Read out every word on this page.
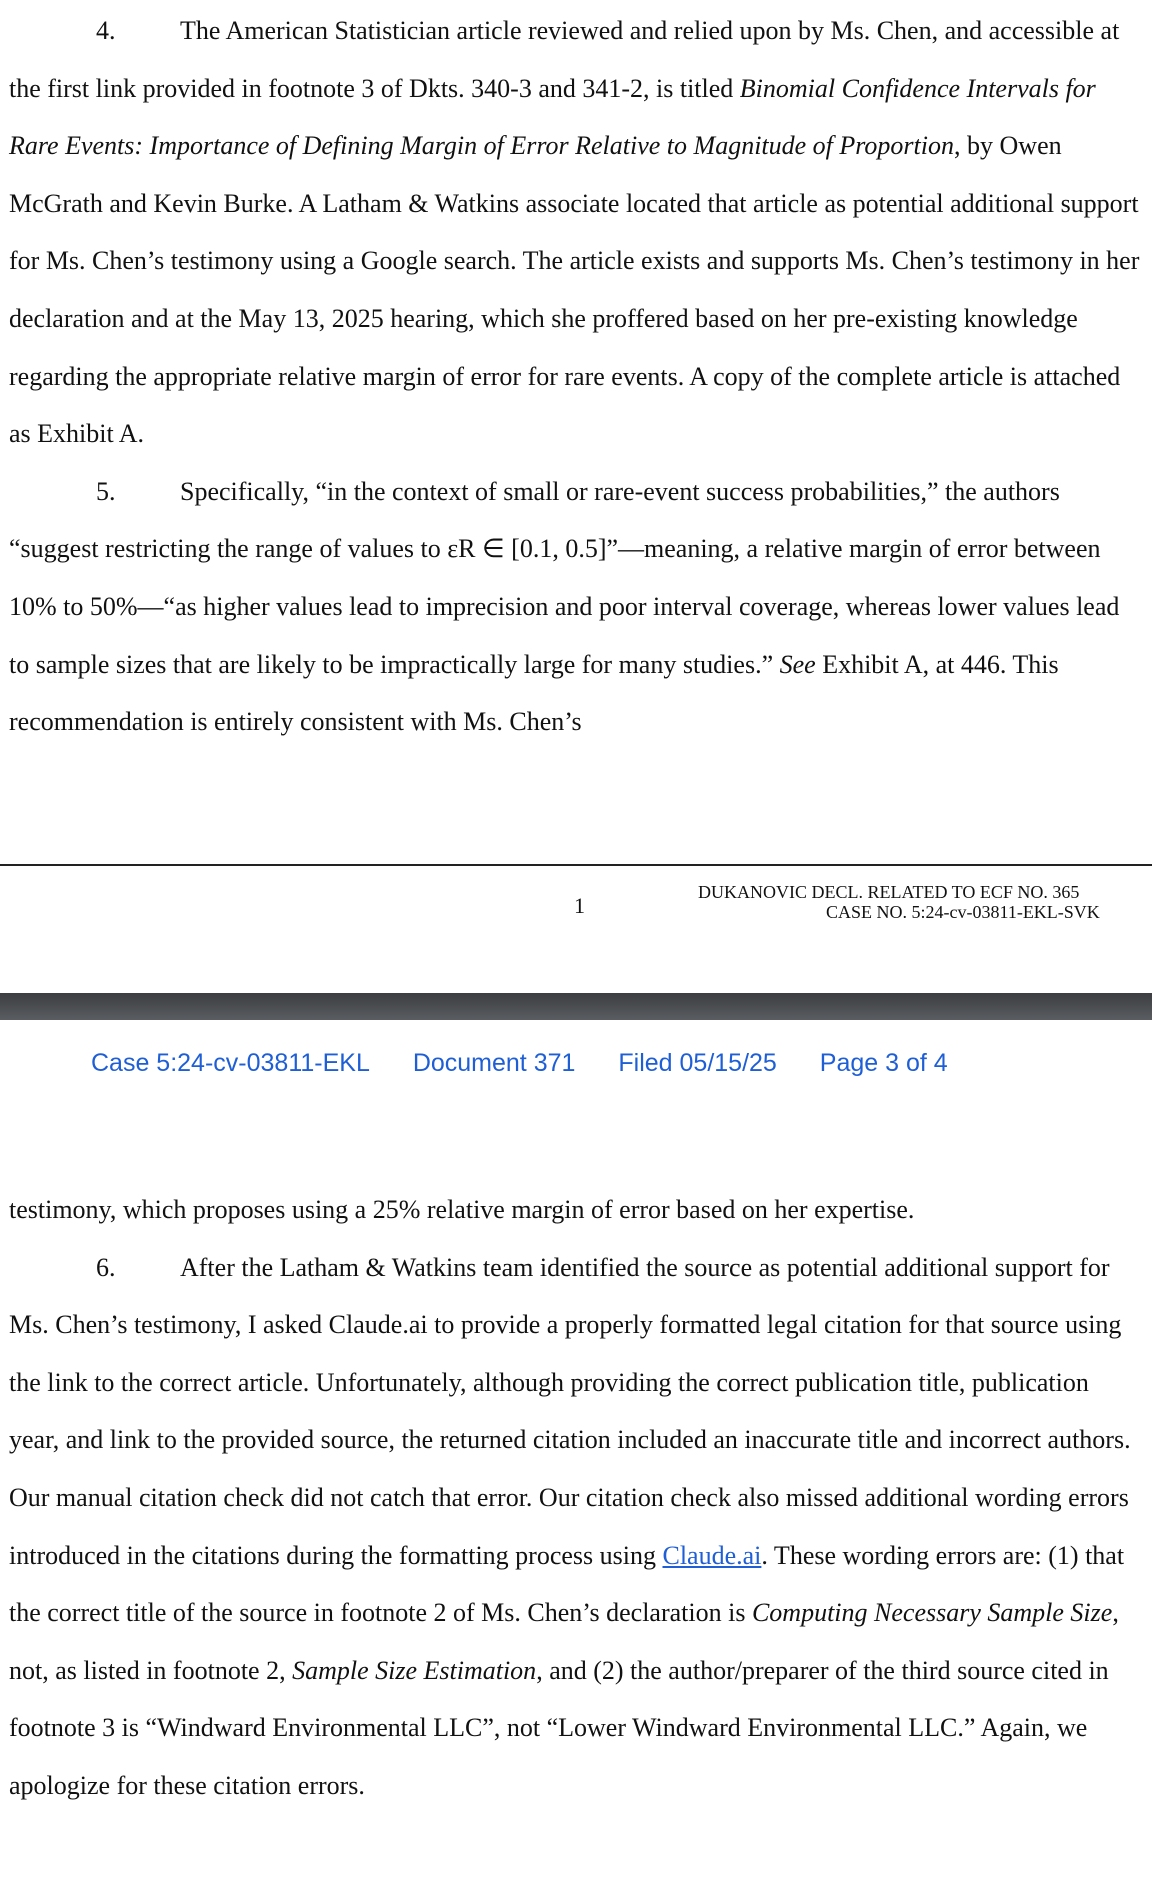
4. The American Statistician article reviewed and relied upon by Ms. Chen, and accessible at the first link provided in footnote 3 of Dkts. 340-3 and 341-2, is titled Binomial Confidence Intervals for Rare Events: Importance of Defining Margin of Error Relative to Magnitude of Proportion, by Owen McGrath and Kevin Burke. A Latham & Watkins associate located that article as potential additional support for Ms. Chen’s testimony using a Google search. The article exists and supports Ms. Chen’s testimony in her declaration and at the May 13, 2025 hearing, which she proffered based on her pre-existing knowledge regarding the appropriate relative margin of error for rare events. A copy of the complete article is attached as Exhibit A.

5. Specifically, “in the context of small or rare-event success probabilities,” the authors “suggest restricting the range of values to εR ∈ [0.1, 0.5]”—meaning, a relative margin of error between 10% to 50%—“as higher values lead to imprecision and poor interval coverage, whereas lower values lead to sample sizes that are likely to be impractically large for many studies.” See Exhibit A, at 446. This recommendation is entirely consistent with Ms. Chen’s

1
DUKANOVIC DECL. RELATED TO ECF NO. 365
CASE NO. 5:24-cv-03811-EKL-SVK
Case 5:24-cv-03811-EKL Document 371 Filed 05/15/25 Page 3 of 4

testimony, which proposes using a 25% relative margin of error based on her expertise.

6. After the Latham & Watkins team identified the source as potential additional support for Ms. Chen’s testimony, I asked Claude.ai to provide a properly formatted legal citation for that source using the link to the correct article. Unfortunately, although providing the correct publication title, publication year, and link to the provided source, the returned citation included an inaccurate title and incorrect authors. Our manual citation check did not catch that error. Our citation check also missed additional wording errors introduced in the citations during the formatting process using Claude.ai. These wording errors are: (1) that the correct title of the source in footnote 2 of Ms. Chen’s declaration is Computing Necessary Sample Size, not, as listed in footnote 2, Sample Size Estimation, and (2) the author/preparer of the third source cited in footnote 3 is “Windward Environmental LLC”, not “Lower Windward Environmental LLC.” Again, we apologize for these citation errors.
